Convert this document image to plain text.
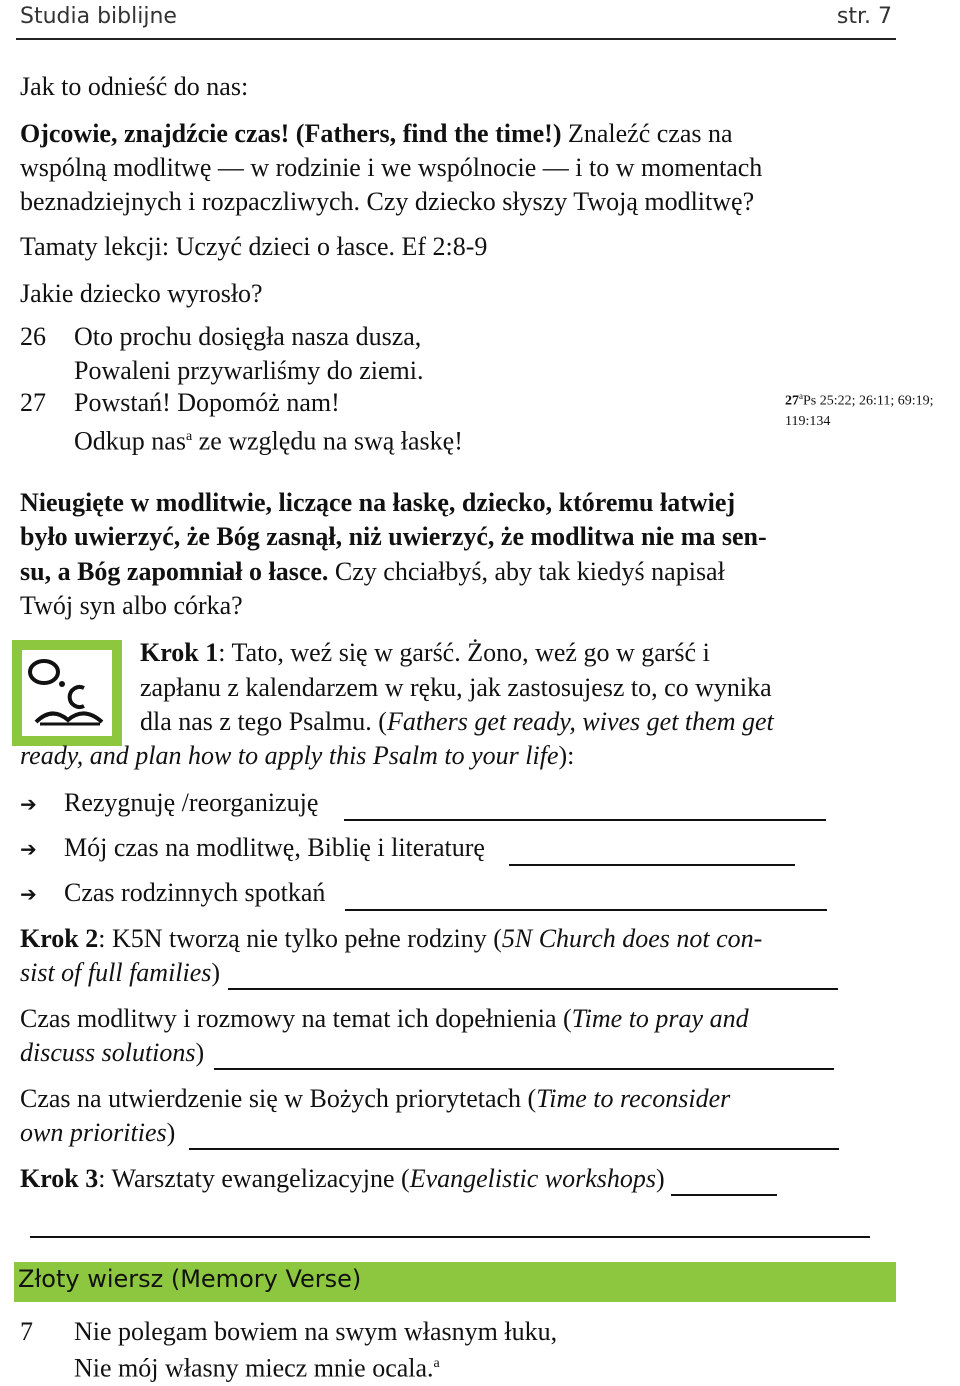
Studia biblijne	str. 7
Jak to odnieść do nas:
Ojcowie, znajdźcie czas! (Fathers, find the time!) Znaleźć czas na
wspólną modlitwę — w rodzinie i we wspólnocie — i to w momentach
beznadziejnych i rozpaczliwych. Czy dziecko słyszy Twoją modlitwę?
Tamaty lekcji: Uczyć dzieci o łasce. Ef 2:8-9
Jakie dziecko wyrosło?
26 Oto prochu dosięgła nasza dusza,
Powaleni przywarliśmy do ziemi.
27 Powstań! Dopomóż nam!
Odkup nas$^a$ ze względu na swą łaskę!
27$^a$Ps 25:22; 26:11; 69:19;
119:134
Nieugięte w modlitwie, liczące na łaskę, dziecko, któremu łatwiej
było uwierzyć, że Bóg zasnął, niż uwierzyć, że modlitwa nie ma sen-
su, a Bóg zapomniał o łasce. Czy chciałbyś, aby tak kiedyś napisał
Twój syn albo córka?
Krok 1: Tato, weź się w garść. Żono, weź go w garść i
zapłanu z kalendarzem w ręku, jak zastosujesz to, co wynika
dla nas z tego Psalmu. (Fathers get ready, wives get them get
ready, and plan how to apply this Psalm to your life):
➔ Rezygnuję /reorganizuję
➔ Mój czas na modlitwę, Biblię i literaturę
➔ Czas rodzinnych spotkań
Krok 2: K5N tworzą nie tylko pełne rodziny (5N Church does not con-
sist of full families)
Czas modlitwy i rozmowy na temat ich dopełnienia (Time to pray and
discuss solutions)
Czas na utwierdzenie się w Bożych priorytetach (Time to reconsider
own priorities)
Krok 3: Warsztaty ewangelizacyjne (Evangelistic workshops)
Złoty wiersz (Memory Verse)
7 Nie polegam bowiem na swym własnym łuku,
Nie mój własny miecz mnie ocala.$^a$
